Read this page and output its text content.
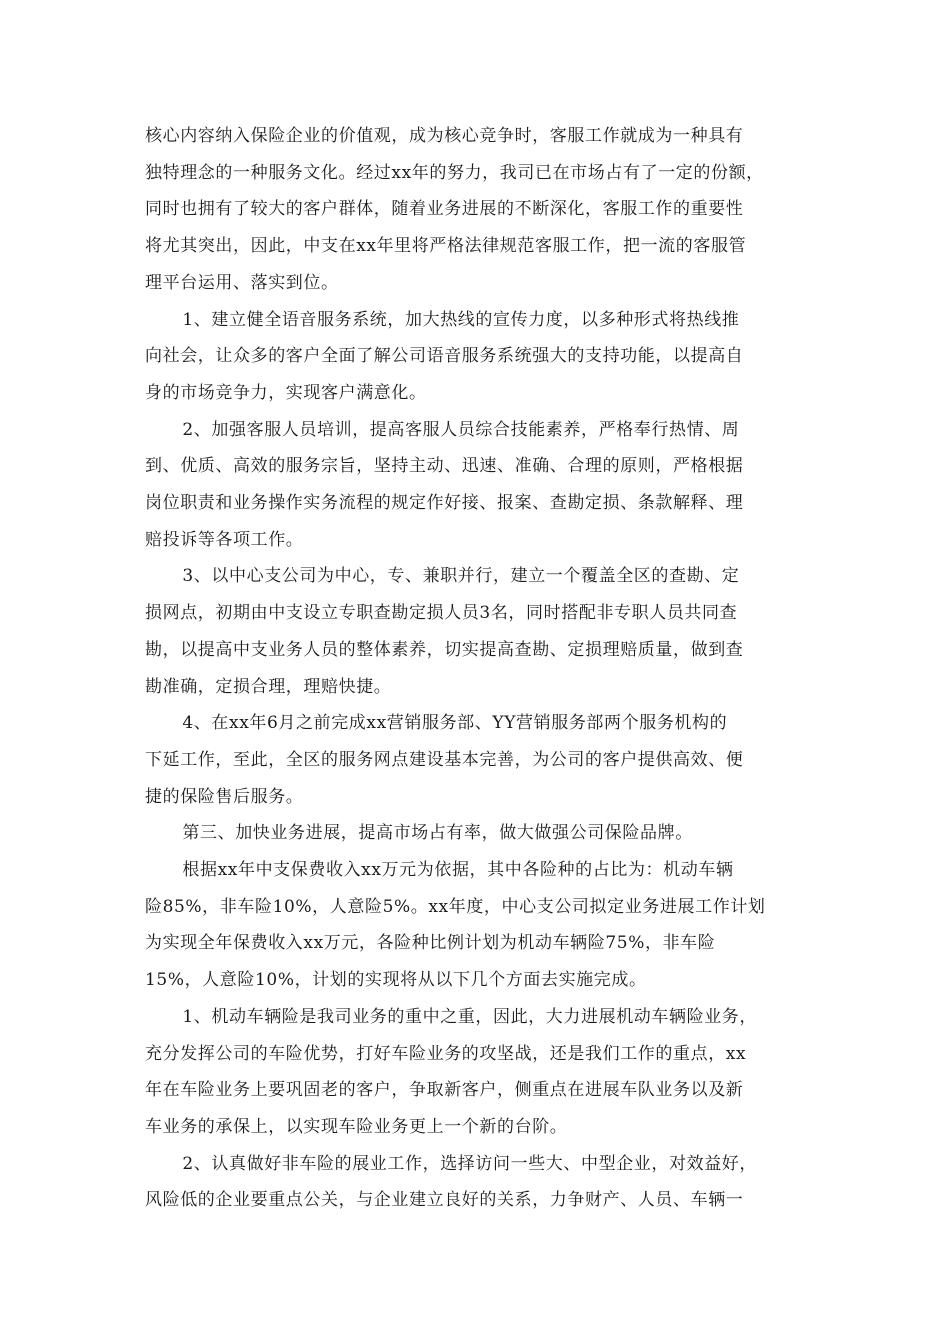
核心内容纳入保险企业的价值观，成为核心竞争时，客服工作就成为一种具有
独特理念的一种服务文化。经过xx年的努力，我司已在市场占有了一定的份额，
同时也拥有了较大的客户群体，随着业务进展的不断深化，客服工作的重要性
将尤其突出，因此，中支在xx年里将严格法律规范客服工作，把一流的客服管
理平台运用、落实到位。
1、建立健全语音服务系统，加大热线的宣传力度，以多种形式将热线推
向社会，让众多的客户全面了解公司语音服务系统强大的支持功能，以提高自
身的市场竞争力，实现客户满意化。
2、加强客服人员培训，提高客服人员综合技能素养，严格奉行热情、周
到、优质、高效的服务宗旨，坚持主动、迅速、准确、合理的原则，严格根据
岗位职责和业务操作实务流程的规定作好接、报案、查勘定损、条款解释、理
赔投诉等各项工作。
3、以中心支公司为中心，专、兼职并行，建立一个覆盖全区的查勘、定
损网点，初期由中支设立专职查勘定损人员3名，同时搭配非专职人员共同查
勘，以提高中支业务人员的整体素养，切实提高查勘、定损理赔质量，做到查
勘准确，定损合理，理赔快捷。
4、在xx年6月之前完成xx营销服务部、YY营销服务部两个服务机构的
下延工作，至此，全区的服务网点建设基本完善，为公司的客户提供高效、便
捷的保险售后服务。
第三、加快业务进展，提高市场占有率，做大做强公司保险品牌。
根据xx年中支保费收入xx万元为依据，其中各险种的占比为：机动车辆
险85%，非车险10%，人意险5%。xx年度，中心支公司拟定业务进展工作计划
为实现全年保费收入xx万元，各险种比例计划为机动车辆险75%，非车险
15%，人意险10%，计划的实现将从以下几个方面去实施完成。
1、机动车辆险是我司业务的重中之重，因此，大力进展机动车辆险业务，
充分发挥公司的车险优势，打好车险业务的攻坚战，还是我们工作的重点，xx
年在车险业务上要巩固老的客户，争取新客户，侧重点在进展车队业务以及新
车业务的承保上，以实现车险业务更上一个新的台阶。
2、认真做好非车险的展业工作，选择访问一些大、中型企业，对效益好，
风险低的企业要重点公关，与企业建立良好的关系，力争财产、人员、车辆一
